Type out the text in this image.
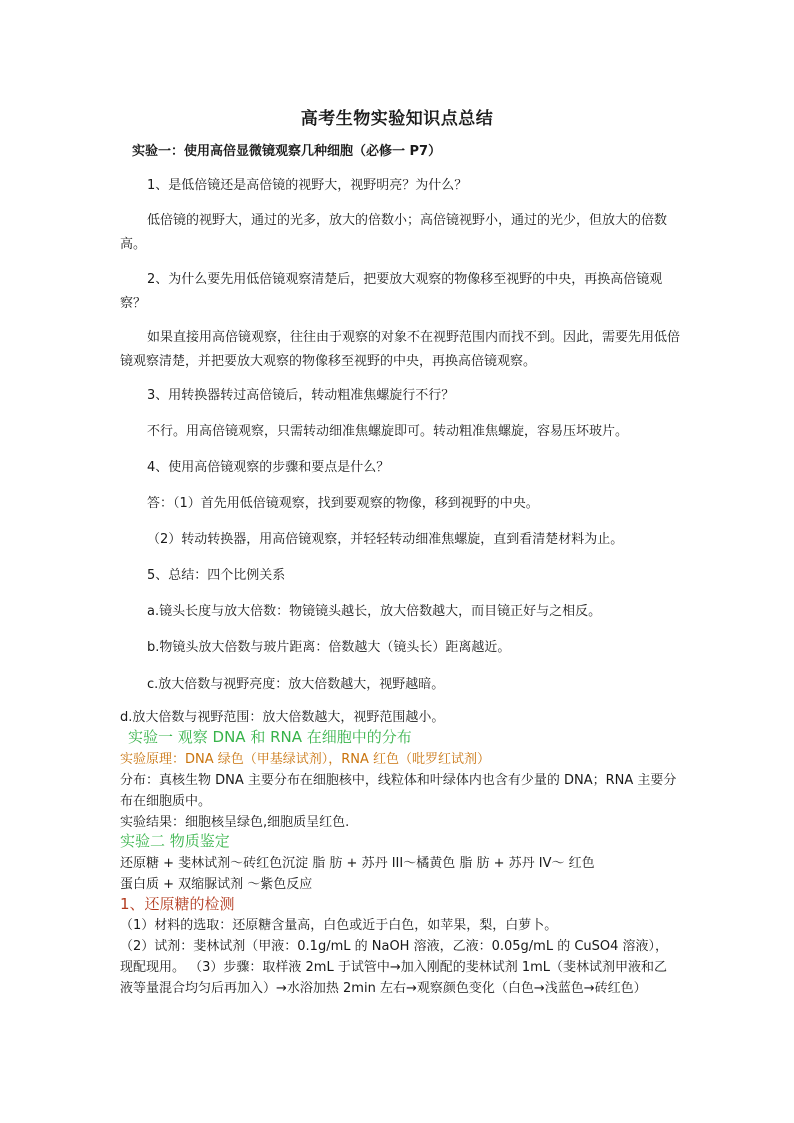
高考生物实验知识点总结
实验一：使用高倍显微镜观察几种细胞（必修一 P7）

1、是低倍镜还是高倍镜的视野大，视野明亮？为什么？

低倍镜的视野大，通过的光多，放大的倍数小；高倍镜视野小，通过的光少，但放大的倍数高。

2、为什么要先用低倍镜观察清楚后，把要放大观察的物像移至视野的中央，再换高倍镜观察？

如果直接用高倍镜观察，往往由于观察的对象不在视野范围内而找不到。因此，需要先用低倍镜观察清楚，并把要放大观察的物像移至视野的中央，再换高倍镜观察。

3、用转换器转过高倍镜后，转动粗准焦螺旋行不行？

不行。用高倍镜观察，只需转动细准焦螺旋即可。转动粗准焦螺旋，容易压坏玻片。

4、使用高倍镜观察的步骤和要点是什么？

答：（1）首先用低倍镜观察，找到要观察的物像，移到视野的中央。

（2）转动转换器，用高倍镜观察，并轻轻转动细准焦螺旋，直到看清楚材料为止。

5、总结：四个比例关系

a.镜头长度与放大倍数：物镜镜头越长，放大倍数越大，而目镜正好与之相反。

b.物镜头放大倍数与玻片距离：倍数越大（镜头长）距离越近。

c.放大倍数与视野亮度：放大倍数越大，视野越暗。

d.放大倍数与视野范围：放大倍数越大，视野范围越小。

实验一 观察 DNA 和 RNA 在细胞中的分布

实验原理：DNA 绿色（甲基绿试剂），RNA 红色（吡罗红试剂）

分布：真核生物 DNA 主要分布在细胞核中，线粒体和叶绿体内也含有少量的 DNA；RNA 主要分布在细胞质中。

实验结果：细胞核呈绿色,细胞质呈红色.

实验二 物质鉴定

还原糖 + 斐林试剂～砖红色沉淀 脂 肪 + 苏丹 III～橘黄色 脂 肪 + 苏丹 IV～ 红色

蛋白质 + 双缩脲试剂 ～紫色反应

1、还原糖的检测

（1）材料的选取：还原糖含量高，白色或近于白色，如苹果，梨，白萝卜。

（2）试剂：斐林试剂（甲液：0.1g/mL 的 NaOH 溶液，乙液：0.05g/mL 的 CuSO4 溶液），现配现用。 （3）步骤：取样液 2mL 于试管中→加入刚配的斐林试剂 1mL（斐林试剂甲液和乙液等量混合均匀后再加入）→水浴加热 2min 左右→观察颜色变化（白色→浅蓝色→砖红色）
